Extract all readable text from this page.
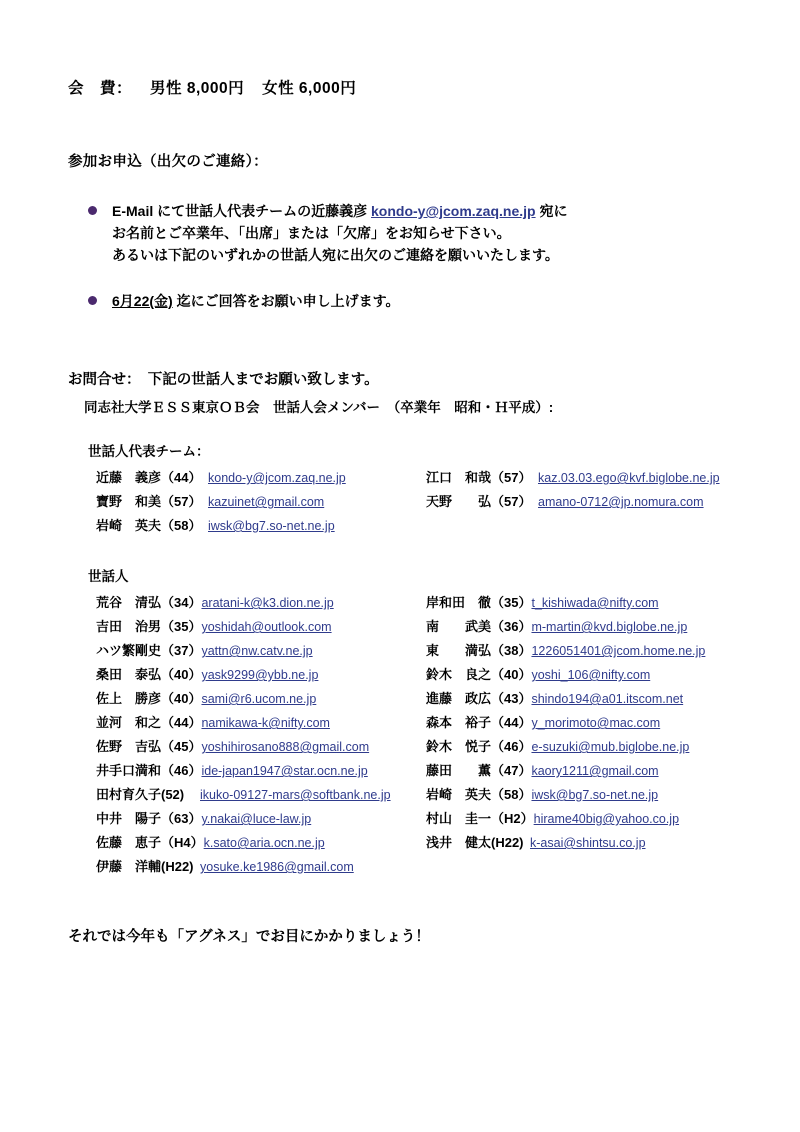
会　費： 男性 8,000円 女性 6,000円
参加お申込（出欠のご連絡）：
E-Mail にて世話人代表チームの近藤義彦 kondo-y@jcom.zaq.ne.jp 宛に
お名前とご卒業年、「出席」または「欠席」をお知らせ下さい。
あるいは下記のいずれかの世話人宛に出欠のご連絡を願いいたします。
6月22(金) 迄にご回答をお願い申し上げます。
お問合せ：　下記の世話人までお願い致します。
同志社大学ＥＳＳ東京ＯＢ会　世話人会メンバー　（卒業年　昭和・Ｈ平成）:
世話人代表チーム：
近藤　義彦（44） kondo-y@jcom.zaq.ne.jp	江口　和哉（57） kaz.03.03.ego@kvf.biglobe.ne.jp
寶野　和美（57） kazuinet@gmail.com	天野　　弘（57） amano-0712@jp.nomura.com
岩崎　英夫（58） iwsk@bg7.so-net.ne.jp
世話人
荒谷　清弘（34） aratani-k@k3.dion.ne.jp	岸和田　徹（35） t_kishiwada@nifty.com
吉田　治男（35） yoshidah@outlook.com	南　　武美（36） m-martin@kvd.biglobe.ne.jp
ハツ繁剛史（37） yattn@nw.catv.ne.jp	東　　満弘（38） 1226051401@jcom.home.ne.jp
桑田　泰弘（40） yask9299@ybb.ne.jp	鈴木　良之（40） yoshi_106@nifty.com
佐上　勝彦（40） sami@r6.ucom.ne.jp	進藤　政広（43） shindo194@a01.itscom.net
並河　和之（44） namikawa-k@nifty.com	森本　裕子（44） y_morimoto@mac.com
佐野　吉弘（45） yoshihirosano888@gmail.com	鈴木　悦子（46） e-suzuki@mub.biglobe.ne.jp
井手口満和（46） ide-japan1947@star.ocn.ne.jp	藤田　　薫（47） kaory1211@gmail.com
田村育久子(52)	ikuko-09127-mars@softbank.ne.jp	岩崎　英夫（58） iwsk@bg7.so-net.ne.jp
中井　陽子（63） y.nakai@luce-law.jp	村山　圭一（H2） hirame40big@yahoo.co.jp
佐藤　恵子（H4） k.sato@aria.ocn.ne.jp	浅井　健太(H22) k-asai@shintsu.co.jp
伊藤　洋輔(H22) yosuke.ke1986@gmail.com
それでは今年も「アグネス」でお目にかかりましょう！
